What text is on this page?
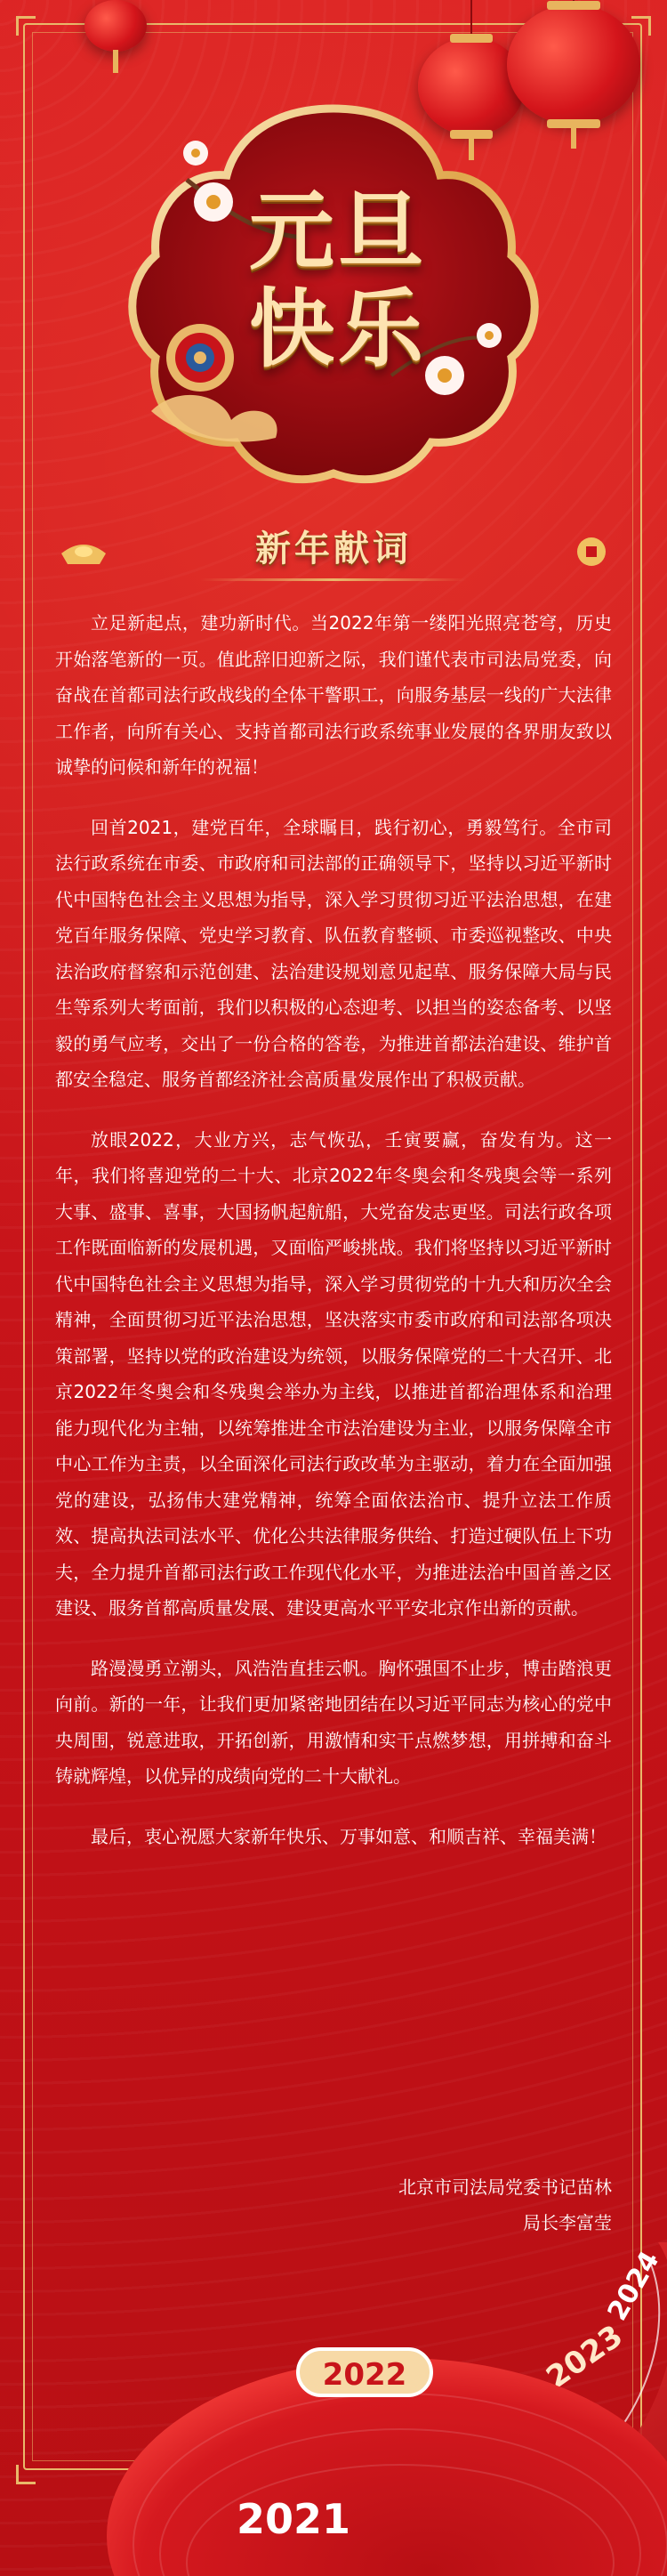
元旦
快乐
新年献词

立足新起点，建功新时代。当2022年第一缕阳光照亮苍穹，历史开始落笔新的一页。值此辞旧迎新之际，我们谨代表市司法局党委，向奋战在首都司法行政战线的全体干警职工，向服务基层一线的广大法律工作者，向所有关心、支持首都司法行政系统事业发展的各界朋友致以诚挚的问候和新年的祝福！

回首2021，建党百年，全球瞩目，践行初心，勇毅笃行。全市司法行政系统在市委、市政府和司法部的正确领导下，坚持以习近平新时代中国特色社会主义思想为指导，深入学习贯彻习近平法治思想，在建党百年服务保障、党史学习教育、队伍教育整顿、市委巡视整改、中央法治政府督察和示范创建、法治建设规划意见起草、服务保障大局与民生等系列大考面前，我们以积极的心态迎考、以担当的姿态备考、以坚毅的勇气应考，交出了一份合格的答卷，为推进首都法治建设、维护首都安全稳定、服务首都经济社会高质量发展作出了积极贡献。

放眼2022，大业方兴，志气恢弘，壬寅要赢，奋发有为。这一年，我们将喜迎党的二十大、北京2022年冬奥会和冬残奥会等一系列大事、盛事、喜事，大国扬帆起航船，大党奋发志更坚。司法行政各项工作既面临新的发展机遇，又面临严峻挑战。我们将坚持以习近平新时代中国特色社会主义思想为指导，深入学习贯彻党的十九大和历次全会精神，全面贯彻习近平法治思想，坚决落实市委市政府和司法部各项决策部署，坚持以党的政治建设为统领，以服务保障党的二十大召开、北京2022年冬奥会和冬残奥会举办为主线，以推进首都治理体系和治理能力现代化为主轴，以统筹推进全市法治建设为主业，以服务保障全市中心工作为主责，以全面深化司法行政改革为主驱动，着力在全面加强党的建设，弘扬伟大建党精神，统筹全面依法治市、提升立法工作质效、提高执法司法水平、优化公共法律服务供给、打造过硬队伍上下功夫，全力提升首都司法行政工作现代化水平，为推进法治中国首善之区建设、服务首都高质量发展、建设更高水平平安北京作出新的贡献。

路漫漫勇立潮头，风浩浩直挂云帆。胸怀强国不止步，博击踏浪更向前。新的一年，让我们更加紧密地团结在以习近平同志为核心的党中央周围，锐意进取，开拓创新，用激情和实干点燃梦想，用拼搏和奋斗铸就辉煌，以优异的成绩向党的二十大献礼。

最后，衷心祝愿大家新年快乐、万事如意、和顺吉祥、幸福美满！

北京市司法局党委书记苗林
局长李富莹
2024
2023
2022
2021
